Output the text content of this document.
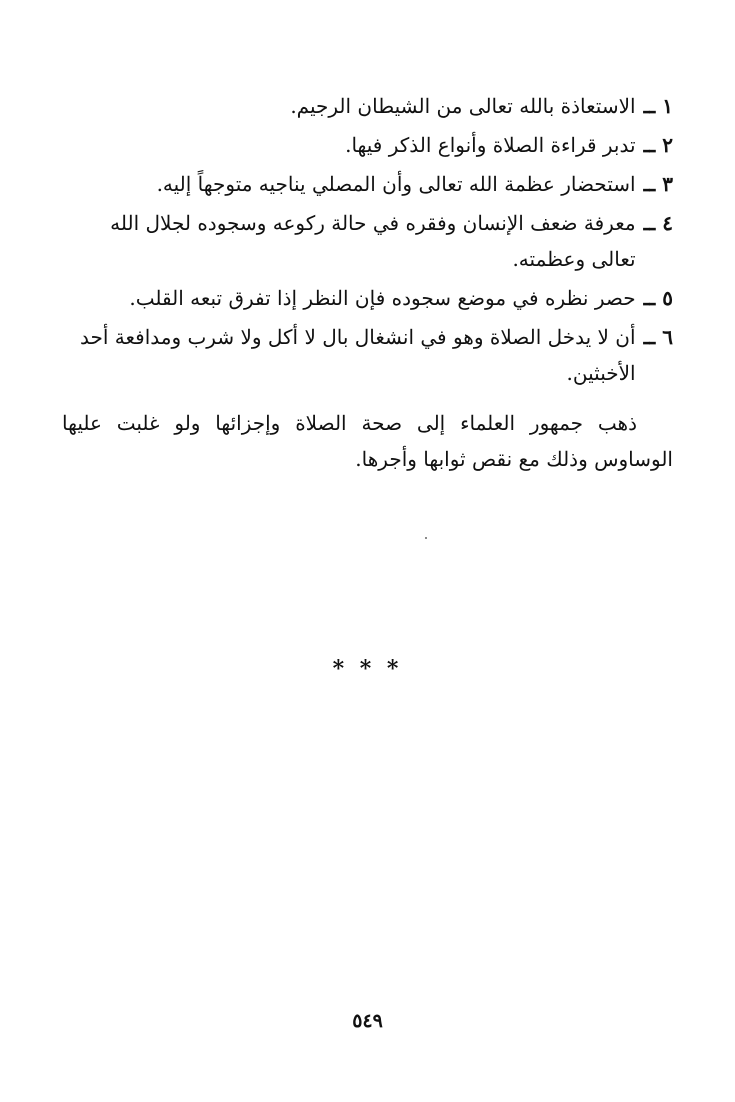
١ ــ
الاستعاذة بالله تعالى من الشيطان الرجيم.
٢ ــ
تدبر قراءة الصلاة وأنواع الذكر فيها.
٣ ــ
استحضار عظمة الله تعالى وأن المصلي يناجيه متوجهاً إليه.
٤ ــ
معرفة ضعف الإنسان وفقره في حالة ركوعه وسجوده لجلال الله تعالى وعظمته.
٥ ــ
حصر نظره في موضع سجوده فإن النظر إذا تفرق تبعه القلب.
٦ ــ
أن لا يدخل الصلاة وهو في انشغال بال لا أكل ولا شرب ومدافعة أحد الأخبثين.

ذهب جمهور العلماء إلى صحة الصلاة وإجزائها ولو غلبت عليها الوساوس وذلك مع نقص ثوابها وأجرها.

* * *
٥٤٩
